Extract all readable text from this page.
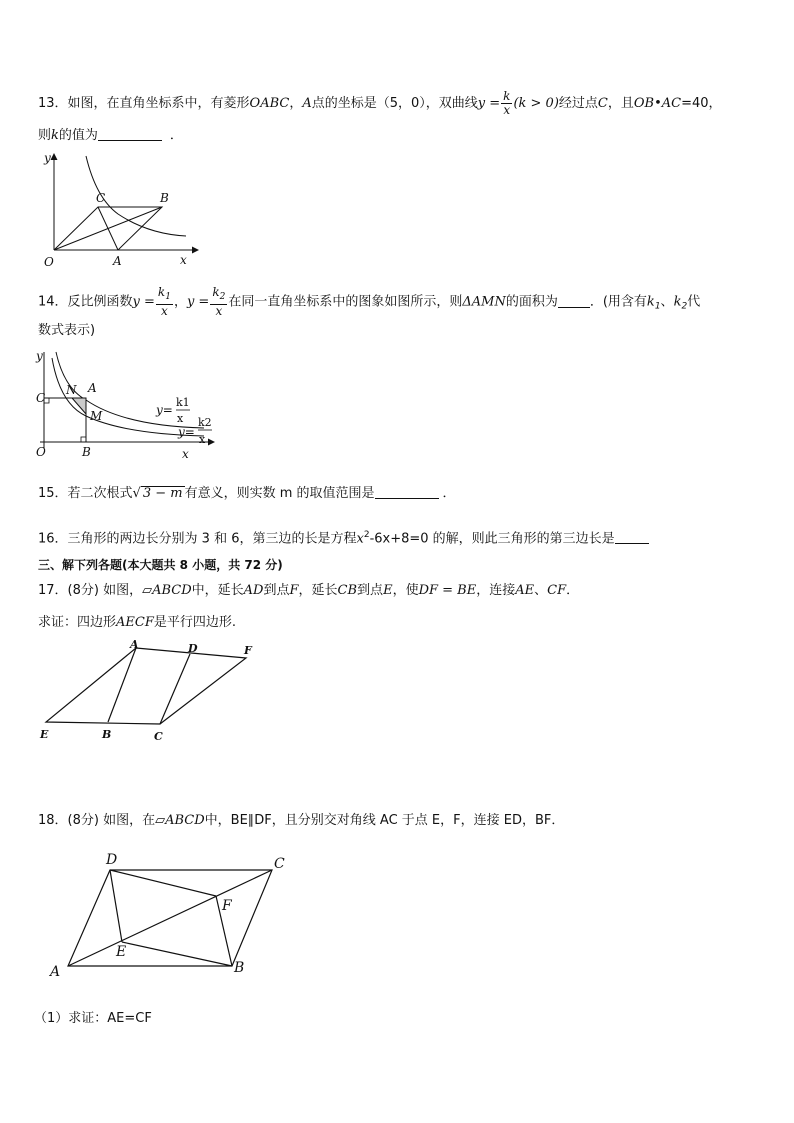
13．如图，在直角坐标系中，有菱形OABC，A点的坐标是（5，0），双曲线$y = \frac{k}{x} (k > 0)$经过点C，且OB•AC=40，
则k的值为	．
y
x
O	A
B
C
14．反比例函数$y = \frac{k_1}{x}$ ，$y = \frac{k_2}{x}$ 在同一直角坐标系中的图象如图所示，则ΔAMN的面积为 ．(用含有$k_1$、$k_2$代
数式表示)
y
x
O	B
C
N A
M	y=
k1
x
y=
k2
x
15．若二次根式√ 3 − m 有意义，则实数 m 的取值范围是	．
16．三角形的两边长分别为 3 和 6，第三边的长是方程$x^2-6x+8=0$ 的解，则此三角形的第三边长是
三、解下列各题(本大题共 8 小题，共 72 分)
17．(8分) 如图，▱ABCD中，延长AD到点F，延长CB到点E，使DF = BE，连接AE、CF．
求证：四边形AECF是平行四边形.
A	D	F
E	B	C
18．(8分) 如图，在▱ABCD中，BE∥DF，且分别交对角线 AC 于点 E，F，连接 ED，BF．
D	C
F
E
A	B
（1）求证：AE=CF
